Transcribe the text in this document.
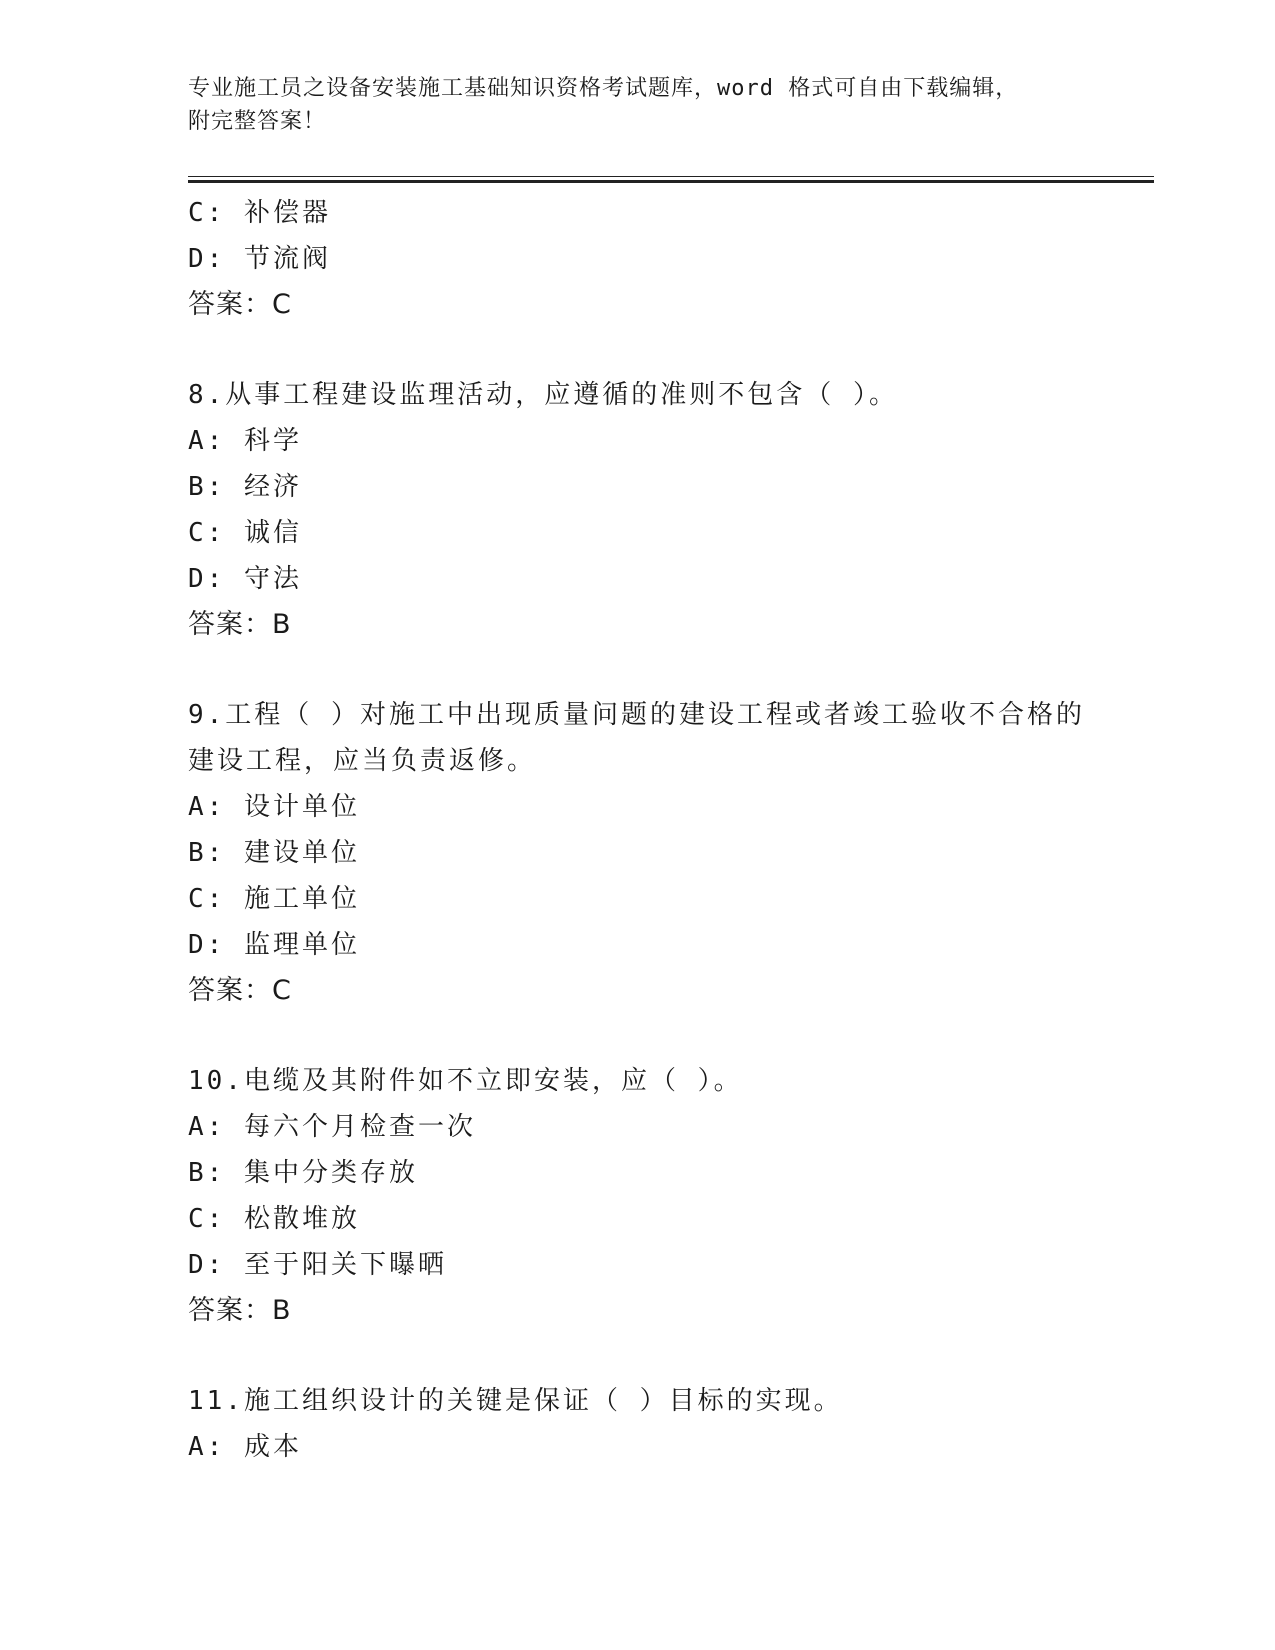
专业施工员之设备安装施工基础知识资格考试题库，word 格式可自由下载编辑，
附完整答案！
C: 补偿器
D: 节流阀
答案：C
8.从事工程建设监理活动，应遵循的准则不包含（ ）。
A: 科学
B: 经济
C: 诚信
D: 守法
答案：B
9.工程（ ）对施工中出现质量问题的建设工程或者竣工验收不合格的
建设工程，应当负责返修。
A: 设计单位
B: 建设单位
C: 施工单位
D: 监理单位
答案：C
10.电缆及其附件如不立即安装，应（ ）。
A: 每六个月检查一次
B: 集中分类存放
C: 松散堆放
D: 至于阳关下曝晒
答案：B
11.施工组织设计的关键是保证（ ）目标的实现。
A: 成本
